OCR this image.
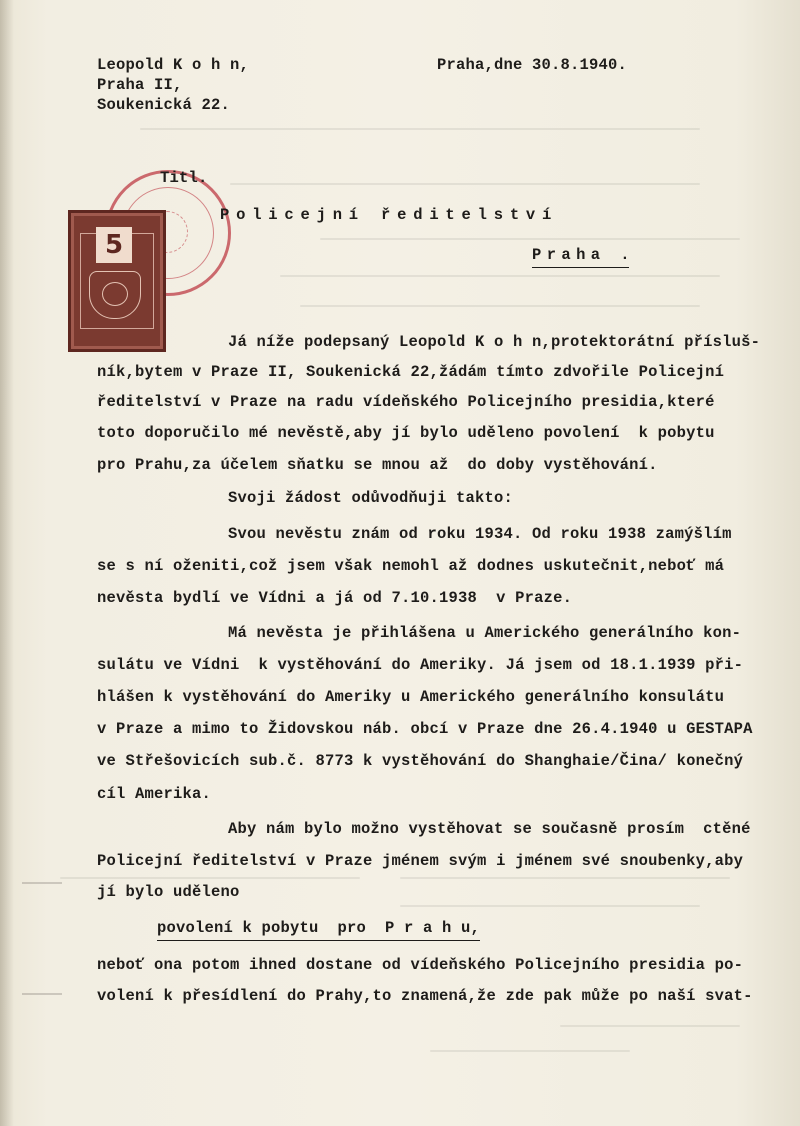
Leopold K o h n,
Praha II,
Soukenická 22.
Praha,dne 30.8.1940.
5
Titl.
Policejní ředitelství
Praha .
Já níže podepsaný Leopold K o h n,protektorátní přísluš-
ník,bytem v Praze II, Soukenická 22,žádám tímto zdvořile Policejní
ředitelství v Praze na radu vídeňského Policejního presidia,které
toto doporučilo mé nevěstě,aby jí bylo uděleno povolení  k pobytu
pro Prahu,za účelem sňatku se mnou až  do doby vystěhování.
Svoji žádost odůvodňuji takto:
Svou nevěstu znám od roku 1934. Od roku 1938 zamýšlím
se s ní oženiti,což jsem však nemohl až dodnes uskutečnit,neboť má
nevěsta bydlí ve Vídni a já od 7.10.1938  v Praze.
Má nevěsta je přihlášena u Amerického generálního kon-
sulátu ve Vídni  k vystěhování do Ameriky. Já jsem od 18.1.1939 při-
hlášen k vystěhování do Ameriky u Amerického generálního konsulátu
v Praze a mimo to Židovskou náb. obcí v Praze dne 26.4.1940 u GESTAPA
ve Střešovicích sub.č. 8773 k vystěhování do Shanghaie/Čina/ konečný
cíl Amerika.
Aby nám bylo možno vystěhovat se současně prosím  ctěné
Policejní ředitelství v Praze jménem svým i jménem své snoubenky,aby
jí bylo uděleno
povolení k pobytu  pro  P r a h u,
neboť ona potom ihned dostane od vídeňského Policejního presidia po-
volení k přesídlení do Prahy,to znamená,že zde pak může po naší svat-
